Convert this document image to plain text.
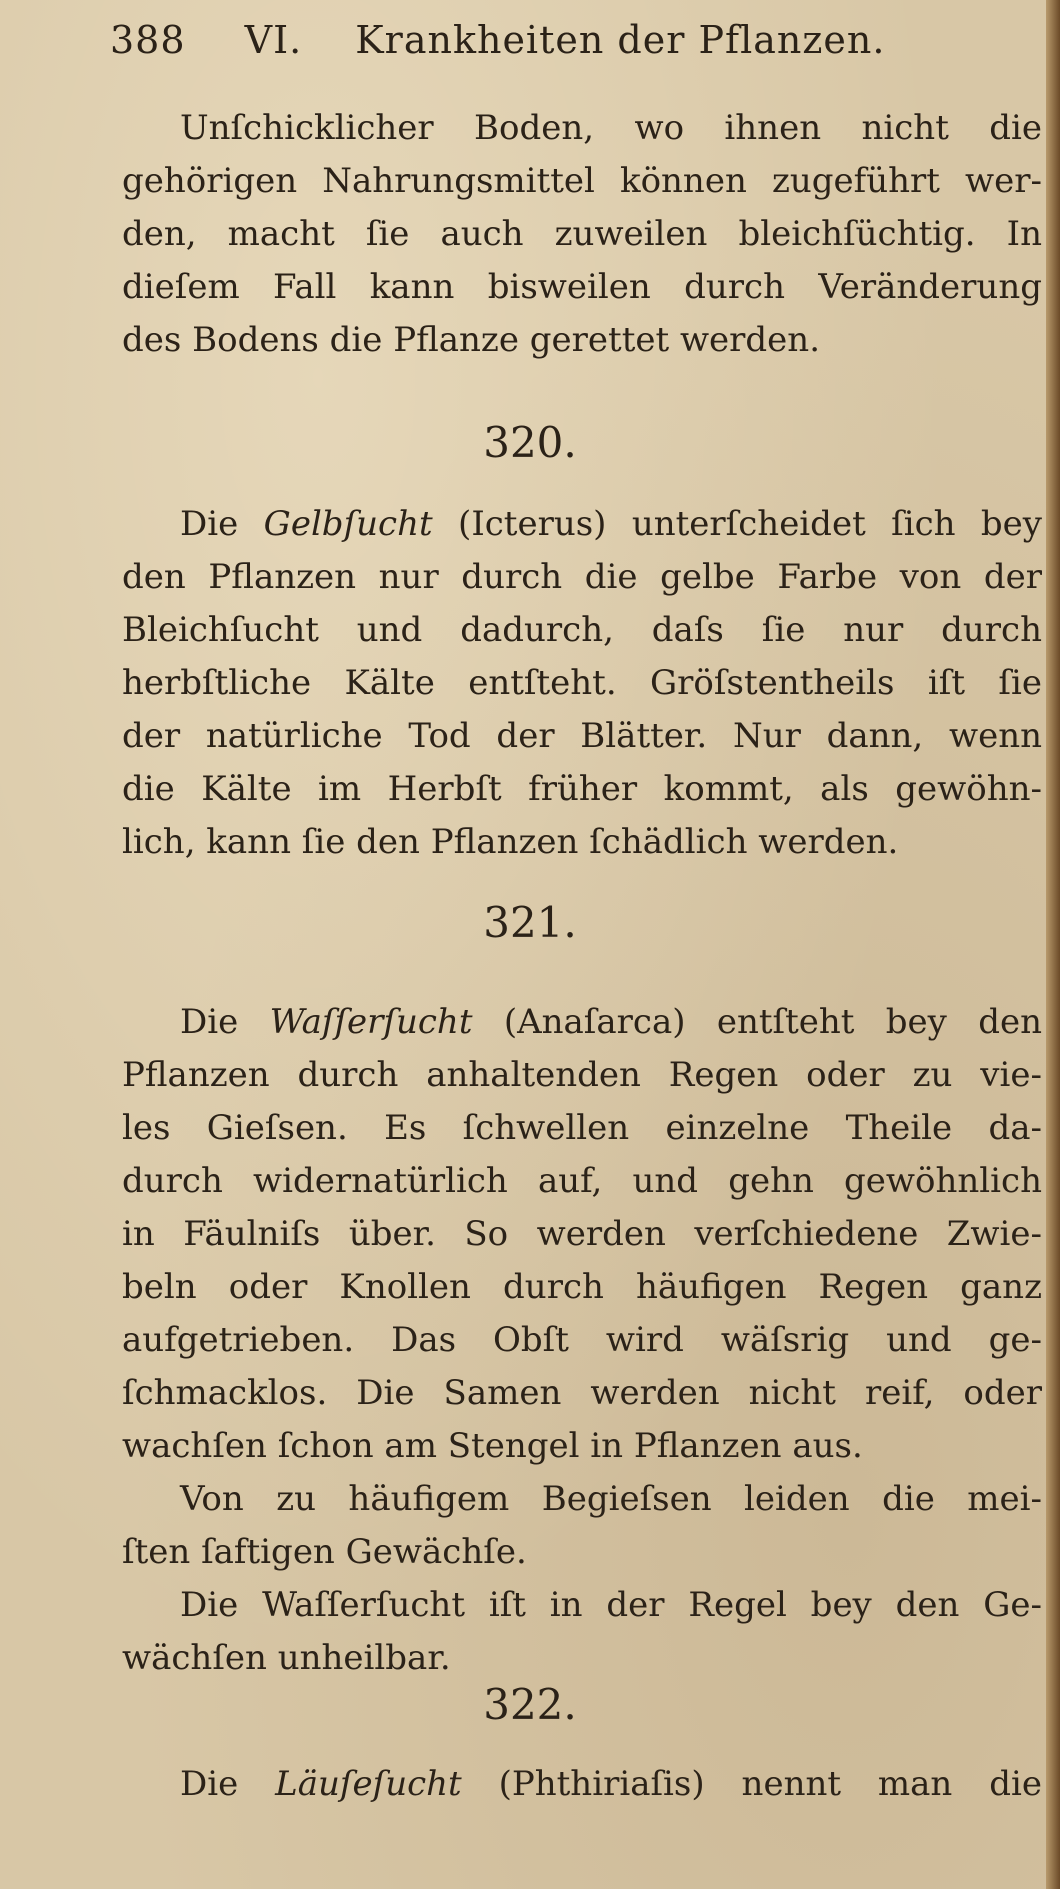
388 VI. Krankheiten der Pflanzen.
Unſchicklicher Boden, wo ihnen nicht die
gehörigen Nahrungsmittel können zugeführt wer-
den, macht ſie auch zuweilen bleichſüchtig. In
dieſem Fall kann bisweilen durch Veränderung
des Bodens die Pflanze gerettet werden.
320.
Die Gelbſucht (Icterus) unterſcheidet ſich bey
den Pflanzen nur durch die gelbe Farbe von der
Bleichſucht und dadurch, daſs ſie nur durch
herbſtliche Kälte entſteht. Gröſstentheils iſt ſie
der natürliche Tod der Blätter. Nur dann, wenn
die Kälte im Herbſt früher kommt, als gewöhn-
lich, kann ſie den Pflanzen ſchädlich werden.
321.
Die Waſſerſucht (Anaſarca) entſteht bey den
Pflanzen durch anhaltenden Regen oder zu vie-
les Gieſsen. Es ſchwellen einzelne Theile da-
durch widernatürlich auf, und gehn gewöhnlich
in Fäulniſs über. So werden verſchiedene Zwie-
beln oder Knollen durch häufigen Regen ganz
aufgetrieben. Das Obſt wird wäſsrig und ge-
ſchmacklos. Die Samen werden nicht reif, oder
wachſen ſchon am Stengel in Pflanzen aus.
Von zu häufigem Begieſsen leiden die mei-
ſten ſaftigen Gewächſe.
Die Waſſerſucht iſt in der Regel bey den Ge-
wächſen unheilbar.
322.
Die Läuſeſucht (Phthiriaſis) nennt man die
